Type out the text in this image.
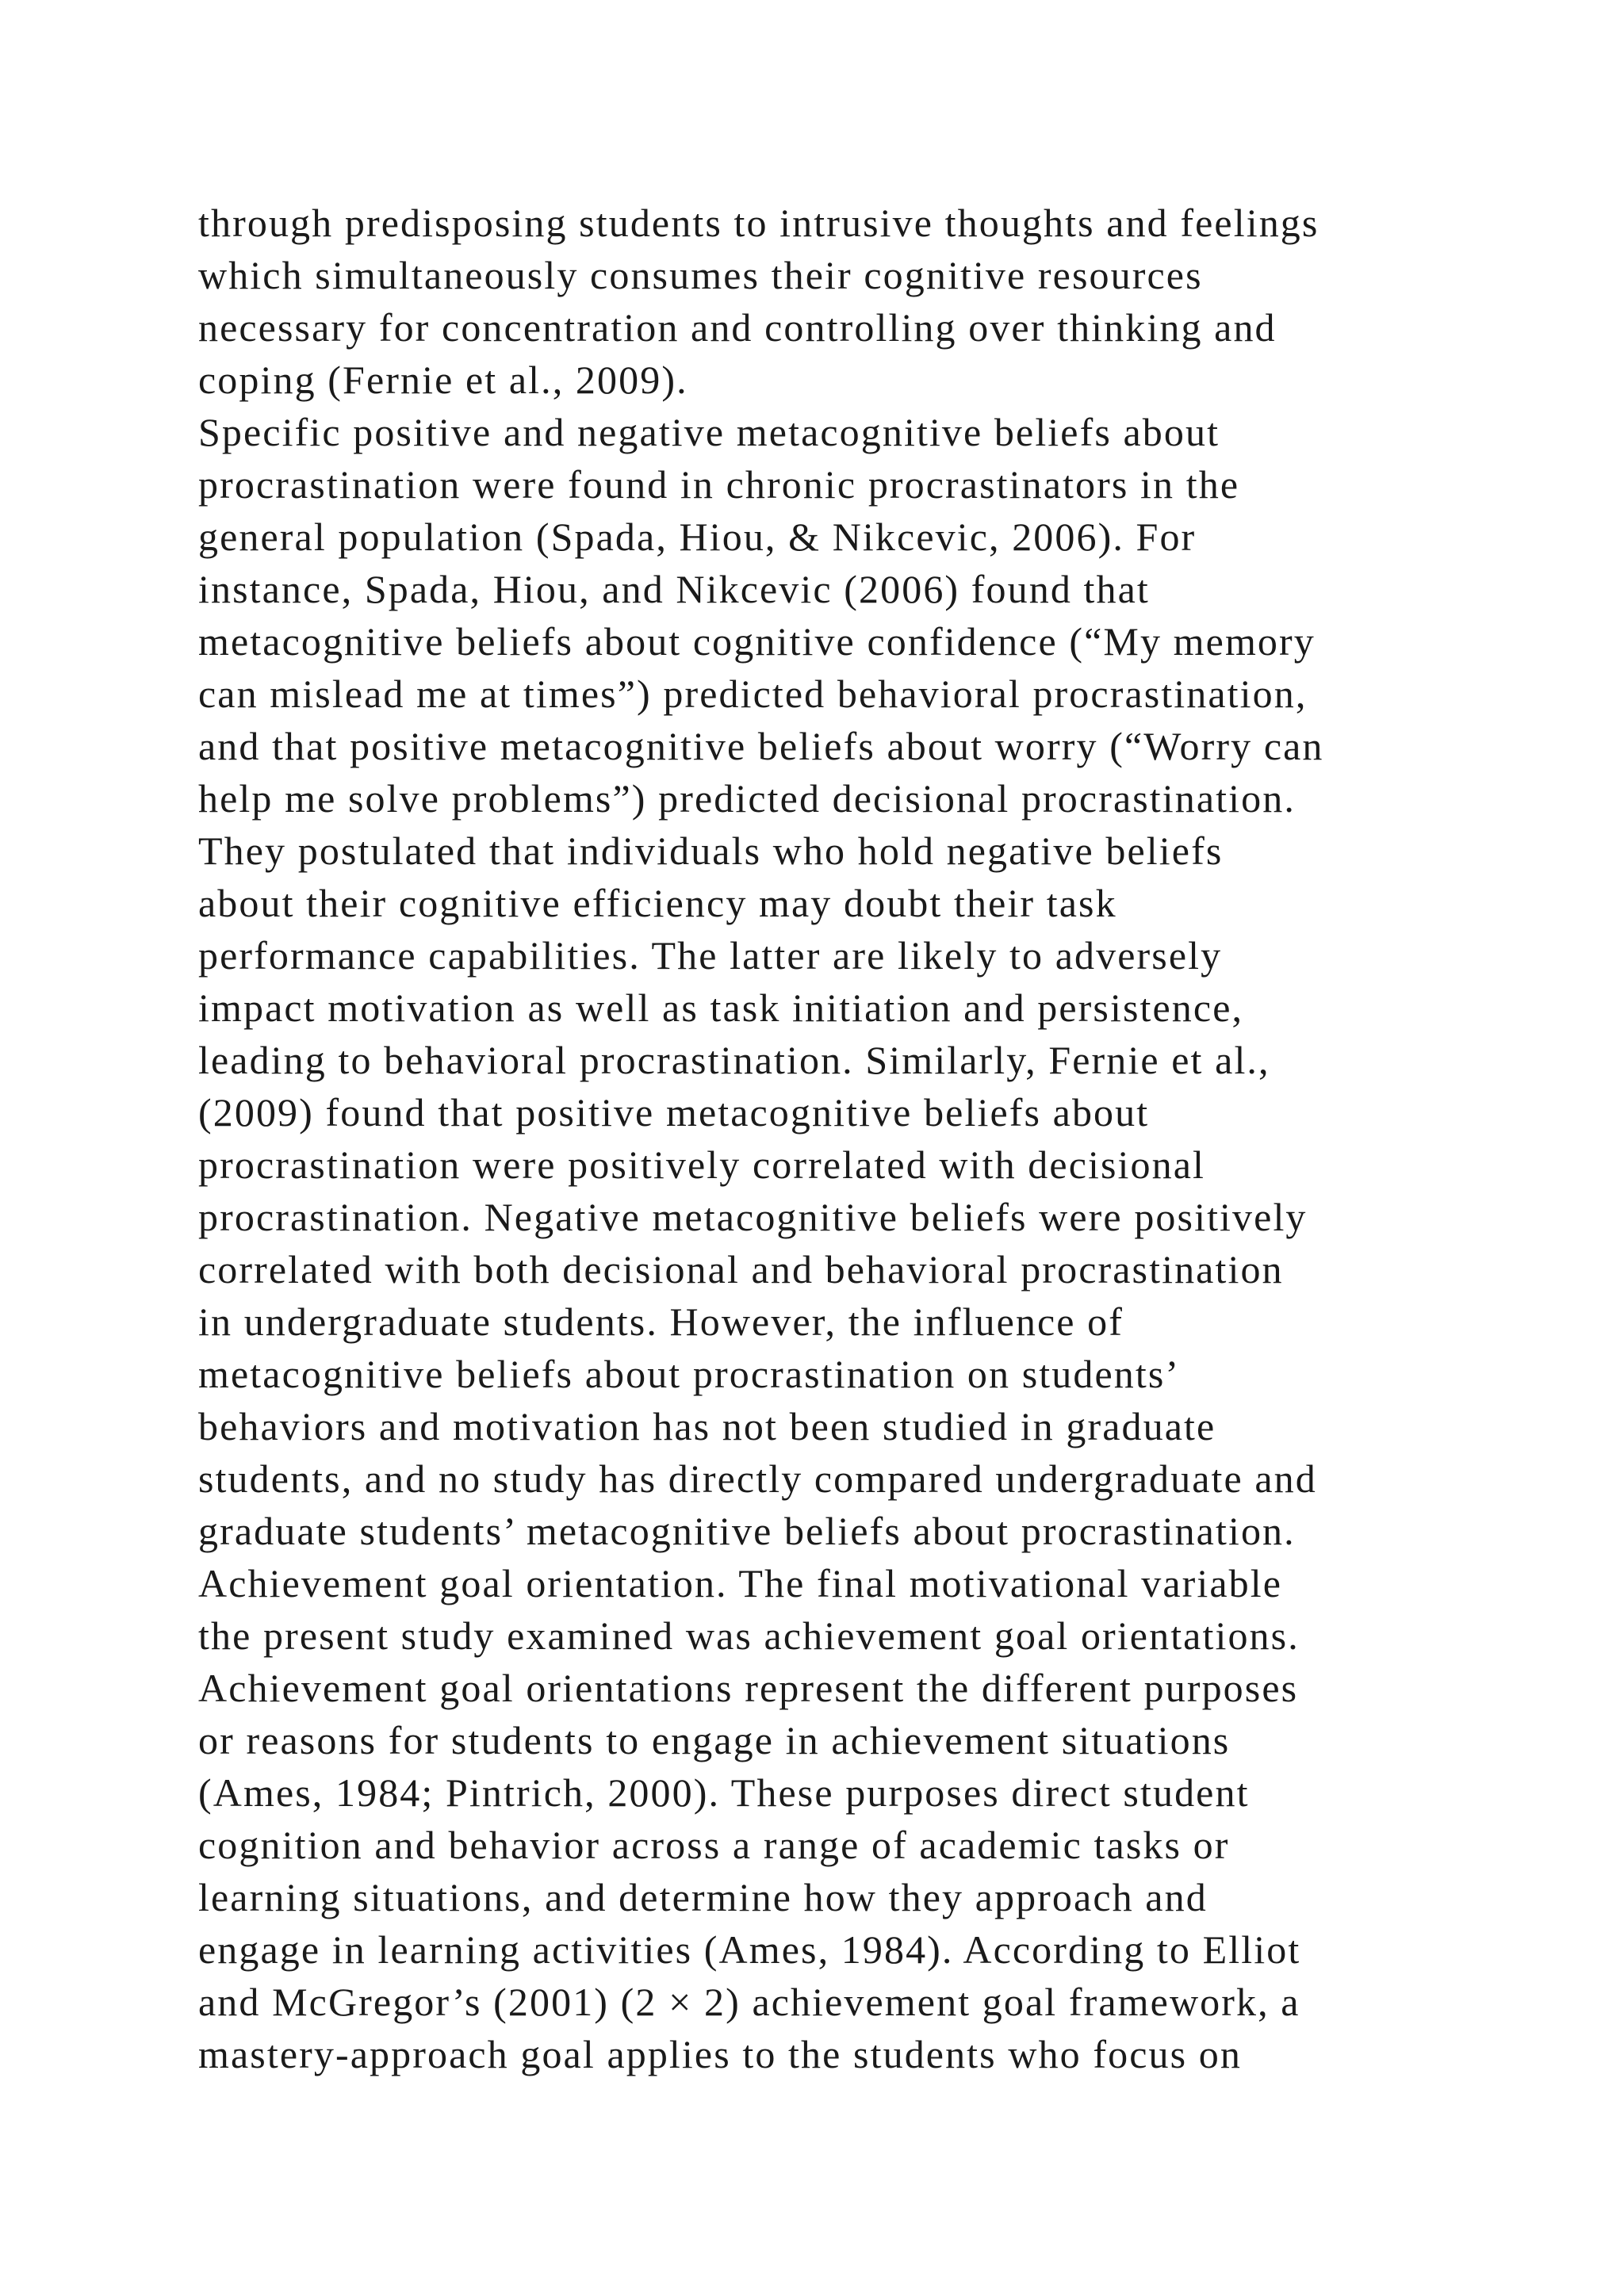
through predisposing students to intrusive thoughts and feelings
which simultaneously consumes their cognitive resources
necessary for concentration and controlling over thinking and
coping (Fernie et al., 2009).
Specific positive and negative metacognitive beliefs about
procrastination were found in chronic procrastinators in the
general population (Spada, Hiou, & Nikcevic, 2006). For
instance, Spada, Hiou, and Nikcevic (2006) found that
metacognitive beliefs about cognitive confidence (“My memory
can mislead me at times”) predicted behavioral procrastination,
and that positive metacognitive beliefs about worry (“Worry can
help me solve problems”) predicted decisional procrastination.
They postulated that individuals who hold negative beliefs
about their cognitive efficiency may doubt their task
performance capabilities. The latter are likely to adversely
impact motivation as well as task initiation and persistence,
leading to behavioral procrastination. Similarly, Fernie et al.,
(2009) found that positive metacognitive beliefs about
procrastination were positively correlated with decisional
procrastination. Negative metacognitive beliefs were positively
correlated with both decisional and behavioral procrastination
in undergraduate students. However, the influence of
metacognitive beliefs about procrastination on students’
behaviors and motivation has not been studied in graduate
students, and no study has directly compared undergraduate and
graduate students’ metacognitive beliefs about procrastination.
Achievement goal orientation. The final motivational variable
the present study examined was achievement goal orientations.
Achievement goal orientations represent the different purposes
or reasons for students to engage in achievement situations
(Ames, 1984; Pintrich, 2000). These purposes direct student
cognition and behavior across a range of academic tasks or
learning situations, and determine how they approach and
engage in learning activities (Ames, 1984). According to Elliot
and McGregor’s (2001) (2 × 2) achievement goal framework, a
mastery-approach goal applies to the students who focus on
